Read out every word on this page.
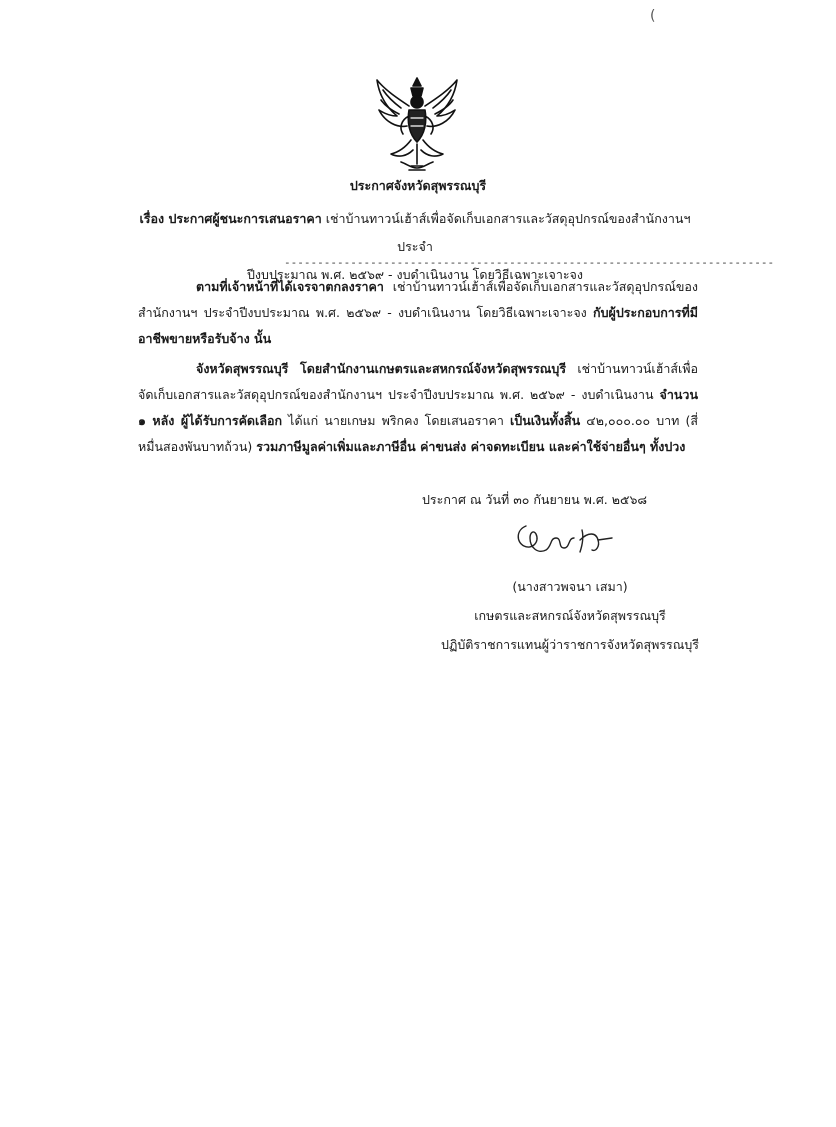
(
ประกาศจังหวัดสุพรรณบุรี
เรื่อง ประกาศผู้ชนะการเสนอราคา เช่าบ้านทาวน์เฮ้าส์เพื่อจัดเก็บเอกสารและวัสดุอุปกรณ์ของสำนักงานฯ ประจำ
ปีงบประมาณ พ.ศ. ๒๕๖๙ - งบดำเนินงาน โดยวิธีเฉพาะเจาะจง
--------------------------------------------------------------------------
ตามที่เจ้าหน้าที่ได้เจรจาตกลงราคา เช่าบ้านทาวน์เฮ้าส์เพื่อจัดเก็บเอกสารและวัสดุอุปกรณ์ของสำนักงานฯ ประจำปีงบประมาณ พ.ศ. ๒๕๖๙ - งบดำเนินงาน โดยวิธีเฉพาะเจาะจง กับผู้ประกอบการที่มีอาชีพขายหรือรับจ้าง นั้น
จังหวัดสุพรรณบุรี โดยสำนักงานเกษตรและสหกรณ์จังหวัดสุพรรณบุรี เช่าบ้านทาวน์เฮ้าส์เพื่อจัดเก็บเอกสารและวัสดุอุปกรณ์ของสำนักงานฯ ประจำปีงบประมาณ พ.ศ. ๒๕๖๙ - งบดำเนินงาน จำนวน ๑ หลัง ผู้ได้รับการคัดเลือก ได้แก่ นายเกษม พริกคง โดยเสนอราคา เป็นเงินทั้งสิ้น ๔๒,๐๐๐.๐๐ บาท (สี่หมื่นสองพันบาทถ้วน) รวมภาษีมูลค่าเพิ่มและภาษีอื่น ค่าขนส่ง ค่าจดทะเบียน และค่าใช้จ่ายอื่นๆ ทั้งปวง
ประกาศ ณ วันที่ ๓๐ กันยายน พ.ศ. ๒๕๖๘
(นางสาวพจนา เสมา)
เกษตรและสหกรณ์จังหวัดสุพรรณบุรี
ปฏิบัติราชการแทนผู้ว่าราชการจังหวัดสุพรรณบุรี
